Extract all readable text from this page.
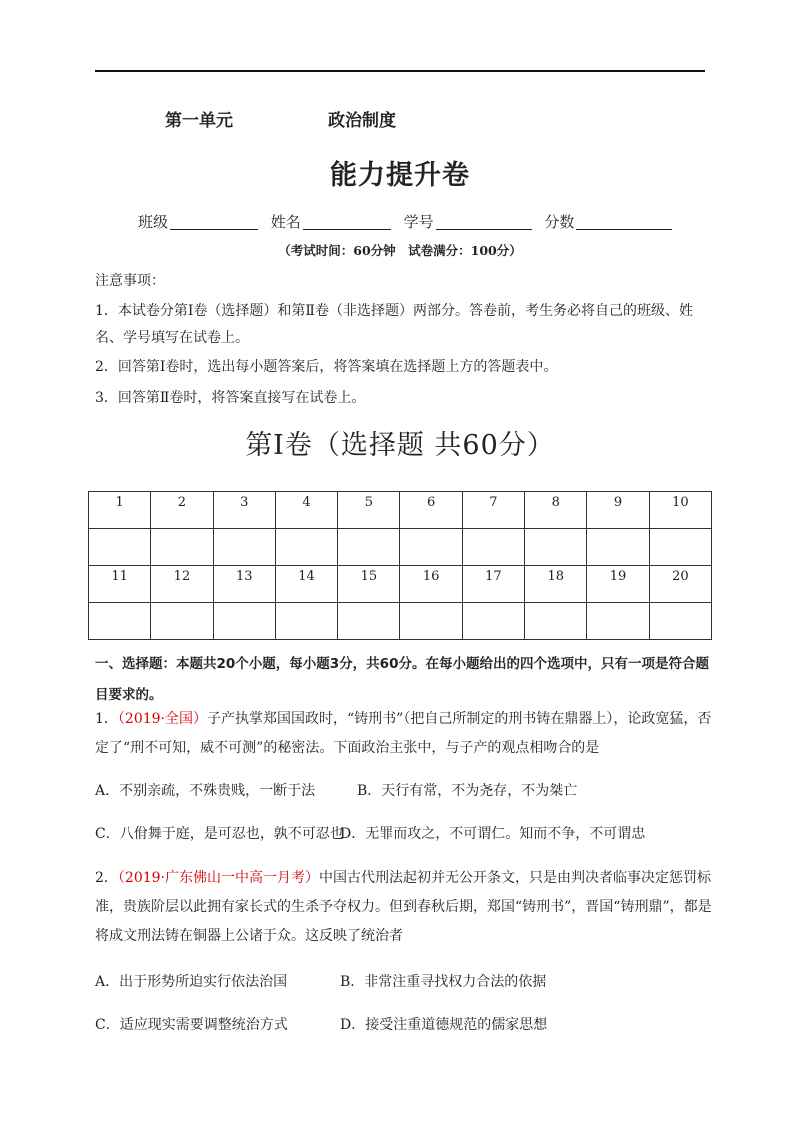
第一单元	政治制度
能力提升卷
班级	姓名	学号	分数
（考试时间：60分钟　试卷满分：100分）
注意事项：
1．本试卷分第Ⅰ卷（选择题）和第Ⅱ卷（非选择题）两部分。答卷前，考生务必将自己的班级、姓名、学号填写在试卷上。
2．回答第Ⅰ卷时，选出每小题答案后，将答案填在选择题上方的答题表中。
3．回答第Ⅱ卷时，将答案直接写在试卷上。
第Ⅰ卷（选择题 共60分）
1	2	3	4	5	6	7	8	9	10

11	12	13	14	15	16	17	18	19	20

一、选择题：本题共20个小题，每小题3分，共60分。在每小题给出的四个选项中，只有一项是符合题目要求的。
1．（2019·全国）子产执掌郑国国政时，“铸刑书”（把自己所制定的刑书铸在鼎器上），论政宽猛，否定了“刑不可知，威不可测”的秘密法。下面政治主张中，与子产的观点相吻合的是
A．不别亲疏，不殊贵贱，一断于法	B．天行有常，不为尧存，不为桀亡
C．八佾舞于庭，是可忍也，孰不可忍也
D．无罪而攻之，不可谓仁。知而不争，不可谓忠
2．（2019·广东佛山一中高一月考）中国古代刑法起初并无公开条文，只是由判决者临事决定惩罚标准，贵族阶层以此拥有家长式的生杀予夺权力。但到春秋后期，郑国“铸刑书”，晋国“铸刑鼎”，都是将成文刑法铸在铜器上公诸于众。这反映了统治者
A．出于形势所迫实行依法治国	B．非常注重寻找权力合法的依据
C．适应现实需要调整统治方式	D．接受注重道德规范的儒家思想
